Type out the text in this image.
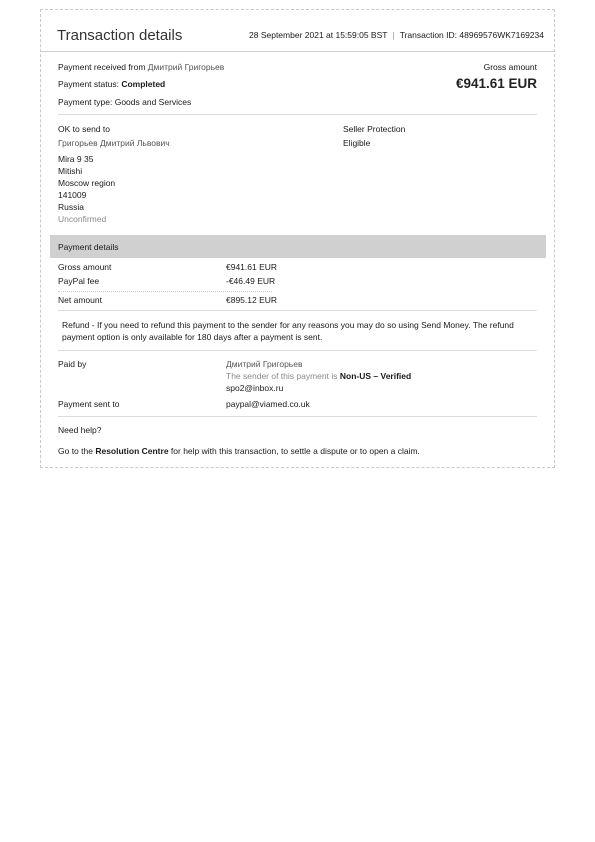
Transaction details	28 September 2021 at 15:59:05 BST | Transaction ID: 48969576WK7169234
Payment received from Дмитрий Григорьев
Payment status: Completed
Payment type: Goods and Services
Gross amount
€941.61 EUR
OK to send to
Григорьев Дмитрий Львович
Mira 9 35
Mitishi
Moscow region
141009
Russia
Unconfirmed
Seller Protection
Eligible
Payment details
Gross amount	€941.61 EUR
PayPal fee	-€46.49 EUR
Net amount	€895.12 EUR
Refund - If you need to refund this payment to the sender for any reasons you may do so using Send Money. The refund payment option is only available for 180 days after a payment is sent.
Paid by	Дмитрий Григорьев
The sender of this payment is Non-US – Verified
spo2@inbox.ru
Payment sent to	paypal@viamed.co.uk
Need help?
Go to the Resolution Centre for help with this transaction, to settle a dispute or to open a claim.
